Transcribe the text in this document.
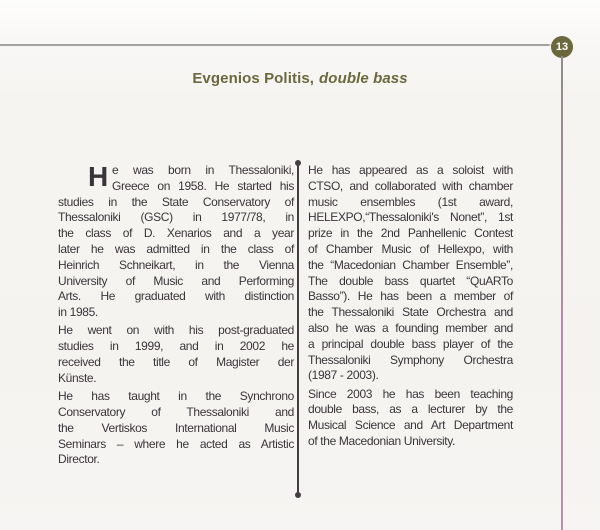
13
Evgenios Politis, double bass
H e was born in Thessaloniki,
Greece on 1958. He started his
studies in the State Conservatory of
Thessaloniki (GSC) in 1977/78, in
the class of D. Xenarios and a year
later he was admitted in the class of
Heinrich Schneikart, in the Vienna
University of Music and Performing
Arts. He graduated with distinction
in 1985.
He went on with his post-graduated
studies in 1999, and in 2002 he
received the title of Magister der
Künste.
He has taught in the Synchrono
Conservatory of Thessaloniki and
the Vertiskos International Music
Seminars – where he acted as Artistic
Director.
He has appeared as a soloist with
CTSO, and collaborated with chamber
music ensembles (1st award,
HELEXPO,“Thessaloniki's Nonet”, 1st
prize in the 2nd Panhellenic Contest
of Chamber Music of Hellexpo, with
the “Macedonian Chamber Ensemble”,
The double bass quartet “QuARTo
Basso”). He has been a member of
the Thessaloniki State Orchestra and
also he was a founding member and
a principal double bass player of the
Thessaloniki Symphony Orchestra
(1987 - 2003).
Since 2003 he has been teaching
double bass, as a lecturer by the
Musical Science and Art Department
of the Macedonian University.
